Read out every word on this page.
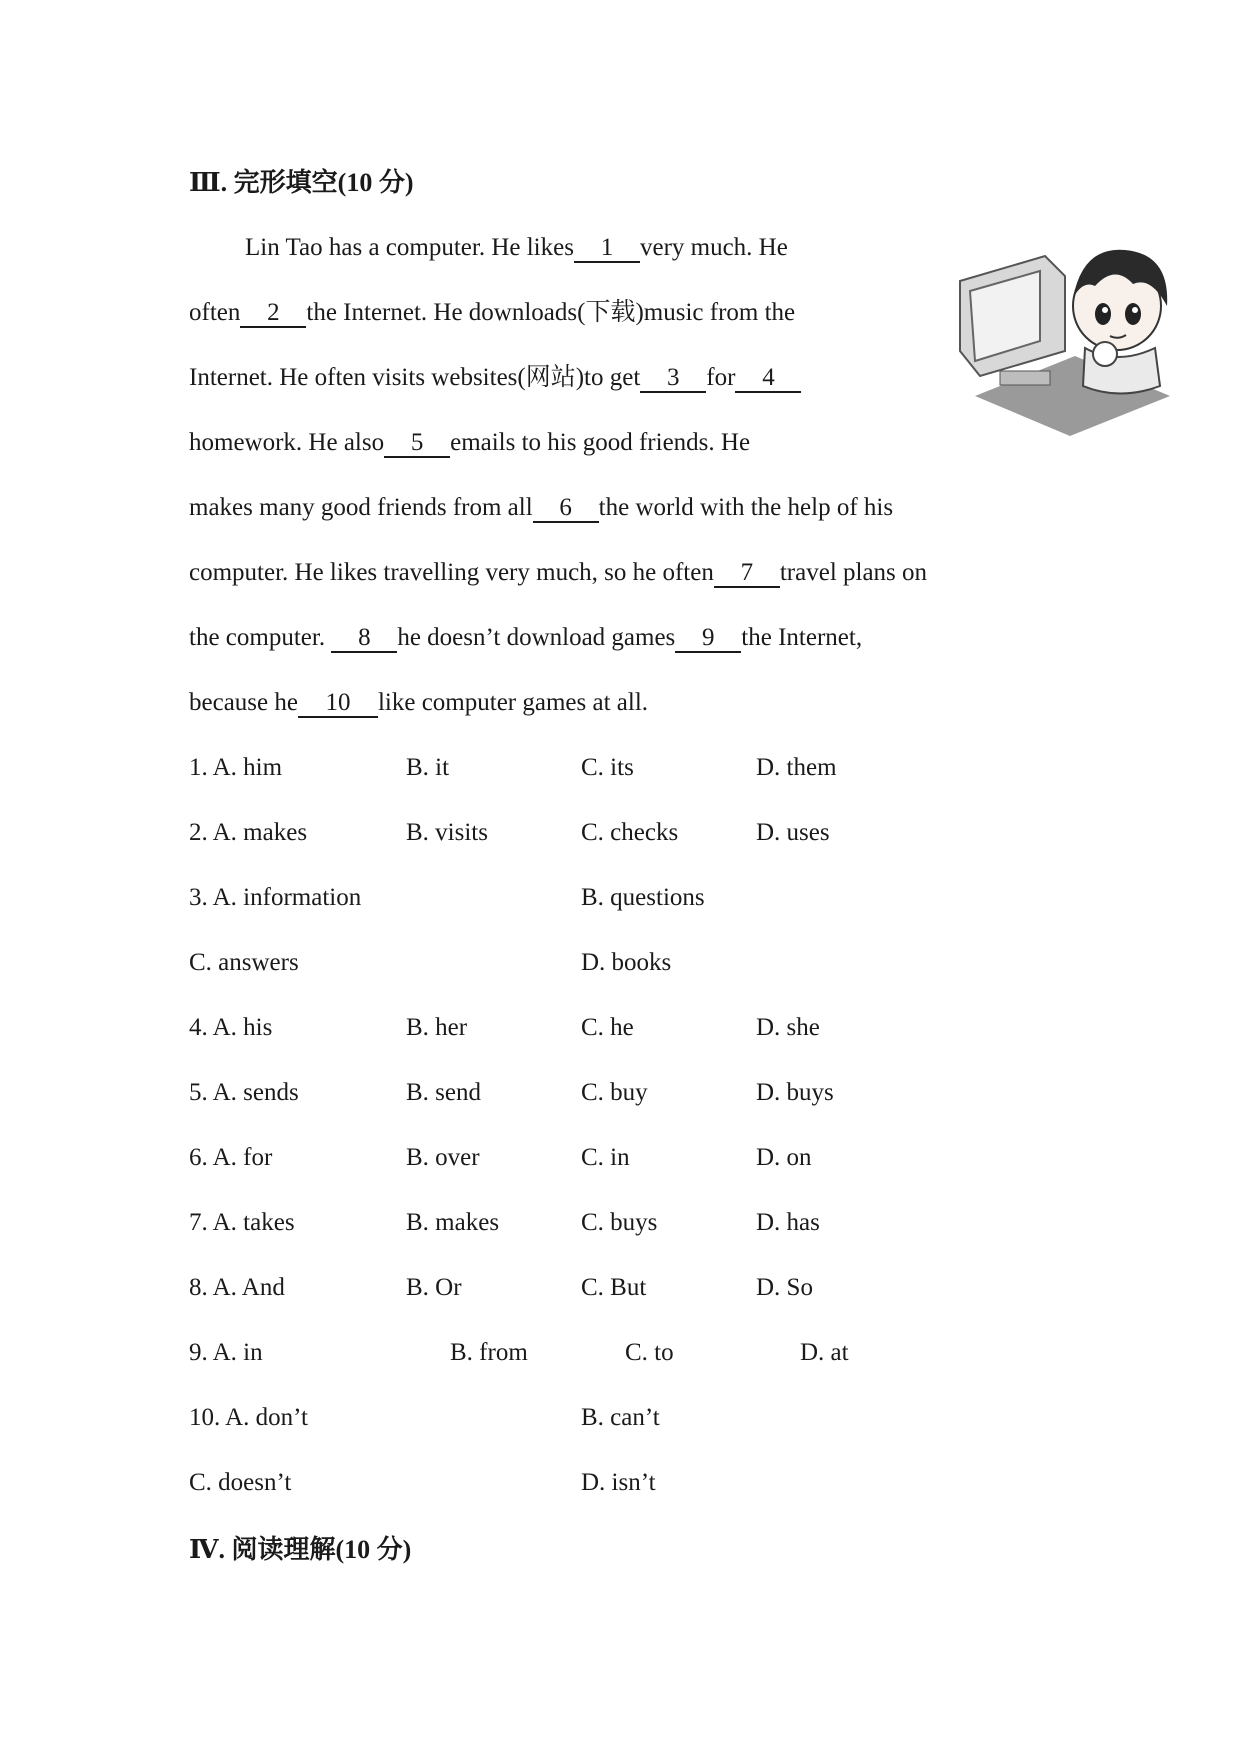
Ⅲ. 完形填空(10 分)
Lin Tao has a computer. He likes 1 very much. He
often 2 the Internet. He downloads(下载)music from the
Internet. He often visits websites(网站)to get 3 for 4
homework. He also 5 emails to his good friends. He
makes many good friends from all 6 the world with the help of his
computer. He likes travelling very much, so he often 7 travel plans on
the computer. 8 he doesn’t download games 9 the Internet,
because he 10 like computer games at all.
1. A. him	B. it	C. its	D. them
2. A. makes	B. visits	C. checks	D. uses
3. A. information	B. questions
C. answers	D. books
4. A. his	B. her	C. he	D. she
5. A. sends	B. send	C. buy	D. buys
6. A. for	B. over	C. in	D. on
7. A. takes	B. makes	C. buys	D. has
8. A. And	B. Or	C. But	D. So
9. A. in	B. from	C. to	D. at
10. A. don’t	B. can’t
C. doesn’t	D. isn’t
Ⅳ. 阅读理解(10 分)
